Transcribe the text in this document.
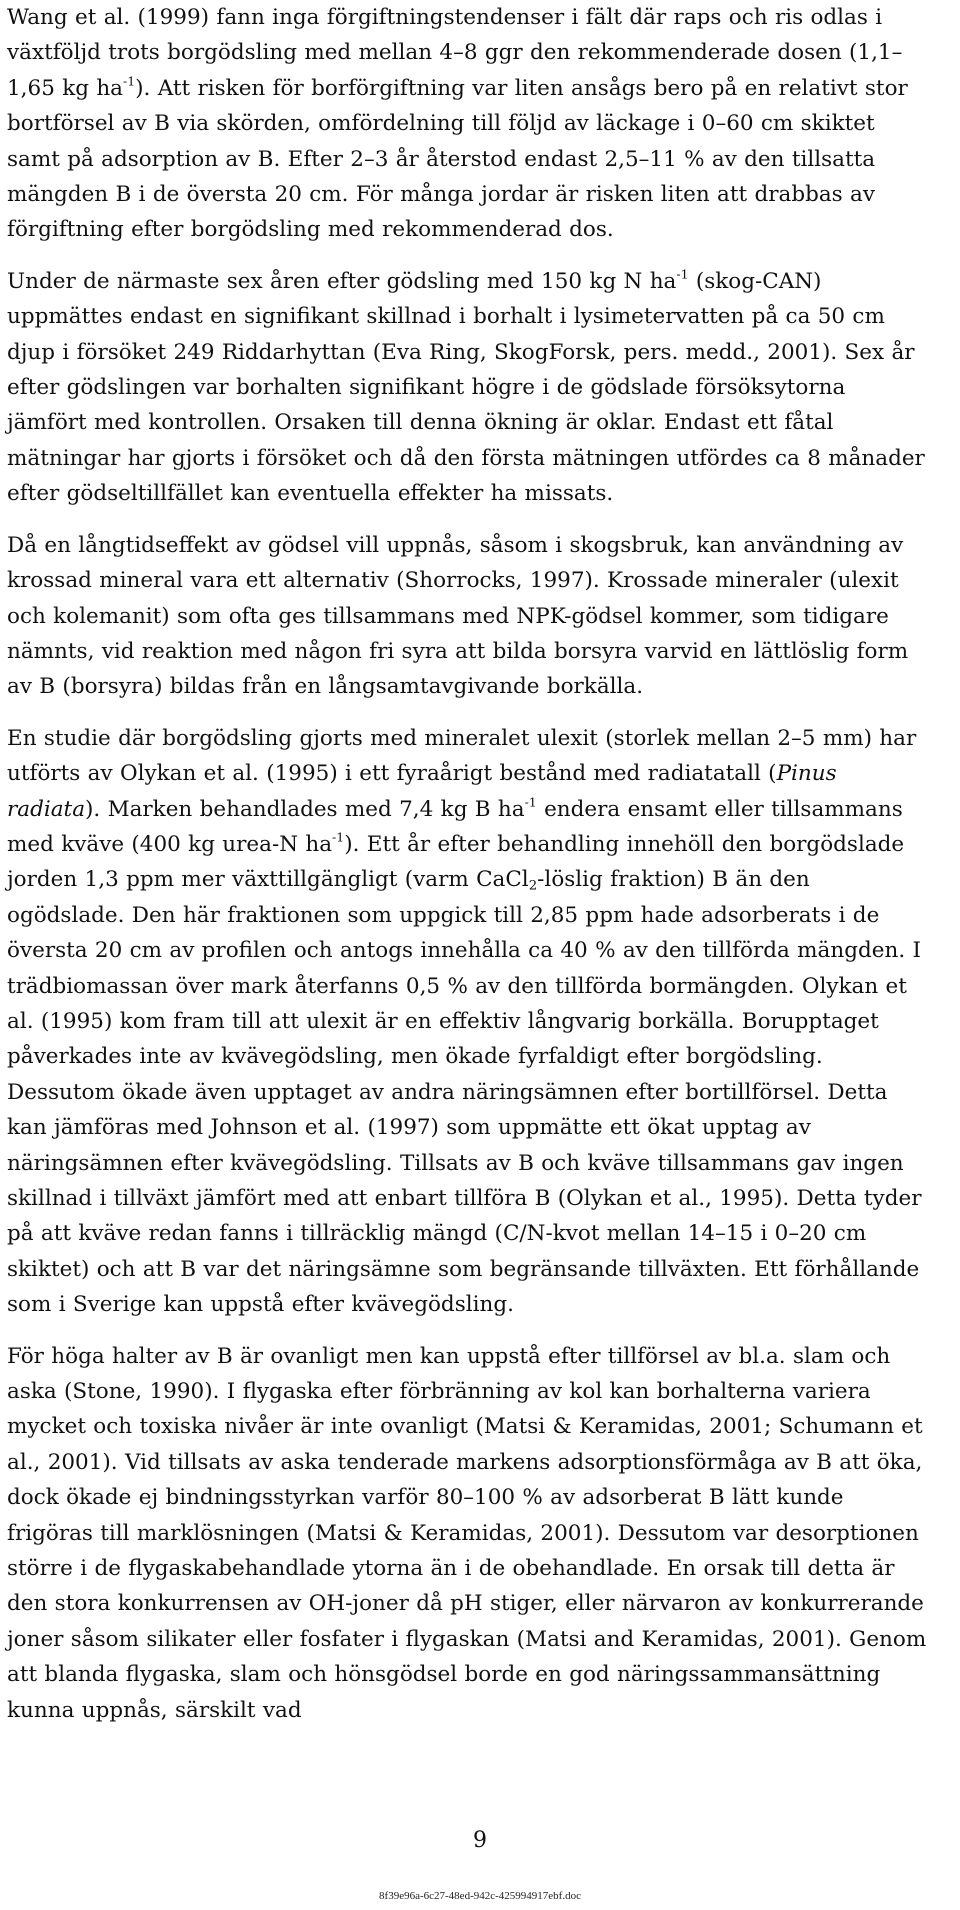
Wang et al. (1999) fann inga förgiftningstendenser i fält där raps och ris odlas i växtföljd trots borgödsling med mellan 4–8 ggr den rekommenderade dosen (1,1–1,65 kg $ha^{-1}$). Att risken för borförgiftning var liten ansågs bero på en relativt stor bortförsel av B via skörden, omfördelning till följd av läckage i 0–60 cm skiktet samt på adsorption av B. Efter 2–3 år återstod endast 2,5–11 % av den tillsatta mängden B i de översta 20 cm. För många jordar är risken liten att drabbas av förgiftning efter borgödsling med rekommenderad dos.

Under de närmaste sex åren efter gödsling med 150 kg N $ha^{-1}$ (skog-CAN) uppmättes endast en signifikant skillnad i borhalt i lysimetervatten på ca 50 cm djup i försöket 249 Riddarhyttan (Eva Ring, SkogForsk, pers. medd., 2001). Sex år efter gödslingen var borhalten signifikant högre i de gödslade försöksytorna jämfört med kontrollen. Orsaken till denna ökning är oklar. Endast ett fåtal mätningar har gjorts i försöket och då den första mätningen utfördes ca 8 månader efter gödseltillfället kan eventuella effekter ha missats.

Då en långtidseffekt av gödsel vill uppnås, såsom i skogsbruk, kan användning av krossad mineral vara ett alternativ (Shorrocks, 1997). Krossade mineraler (ulexit och kolemanit) som ofta ges tillsammans med NPK-gödsel kommer, som tidigare nämnts, vid reaktion med någon fri syra att bilda borsyra varvid en lättlöslig form av B (borsyra) bildas från en långsamtavgivande borkälla.

En studie där borgödsling gjorts med mineralet ulexit (storlek mellan 2–5 mm) har utförts av Olykan et al. (1995) i ett fyraårigt bestånd med radiatatall (Pinus radiata). Marken behandlades med 7,4 kg B $ha^{-1}$ endera ensamt eller tillsammans med kväve (400 kg urea-N $ha^{-1}$). Ett år efter behandling innehöll den borgödslade jorden 1,3 ppm mer växttillgängligt (varm CaCl$_2$-löslig fraktion) B än den ogödslade. Den här fraktionen som uppgick till 2,85 ppm hade adsorberats i de översta 20 cm av profilen och antogs innehålla ca 40 % av den tillförda mängden. I trädbiomassan över mark återfanns 0,5 % av den tillförda bormängden. Olykan et al. (1995) kom fram till att ulexit är en effektiv långvarig borkälla. Borupptaget påverkades inte av kvävegödsling, men ökade fyrfaldigt efter borgödsling. Dessutom ökade även upptaget av andra näringsämnen efter bortillförsel. Detta kan jämföras med Johnson et al. (1997) som uppmätte ett ökat upptag av näringsämnen efter kvävegödsling. Tillsats av B och kväve tillsammans gav ingen skillnad i tillväxt jämfört med att enbart tillföra B (Olykan et al., 1995). Detta tyder på att kväve redan fanns i tillräcklig mängd (C/N-kvot mellan 14–15 i 0–20 cm skiktet) och att B var det näringsämne som begränsande tillväxten. Ett förhållande som i Sverige kan uppstå efter kvävegödsling.

För höga halter av B är ovanligt men kan uppstå efter tillförsel av bl.a. slam och aska (Stone, 1990). I flygaska efter förbränning av kol kan borhalterna variera mycket och toxiska nivåer är inte ovanligt (Matsi & Keramidas, 2001; Schumann et al., 2001). Vid tillsats av aska tenderade markens adsorptionsförmåga av B att öka, dock ökade ej bindningsstyrkan varför 80–100 % av adsorberat B lätt kunde frigöras till marklösningen (Matsi & Keramidas, 2001). Dessutom var desorptionen större i de flygaskabehandlade ytorna än i de obehandlade. En orsak till detta är den stora konkurrensen av OH-joner då pH stiger, eller närvaron av konkurrerande joner såsom silikater eller fosfater i flygaskan (Matsi and Keramidas, 2001). Genom att blanda flygaska, slam och hönsgödsel borde en god näringssammansättning kunna uppnås, särskilt vad

9
8f39e96a-6c27-48ed-942c-425994917ebf.doc
